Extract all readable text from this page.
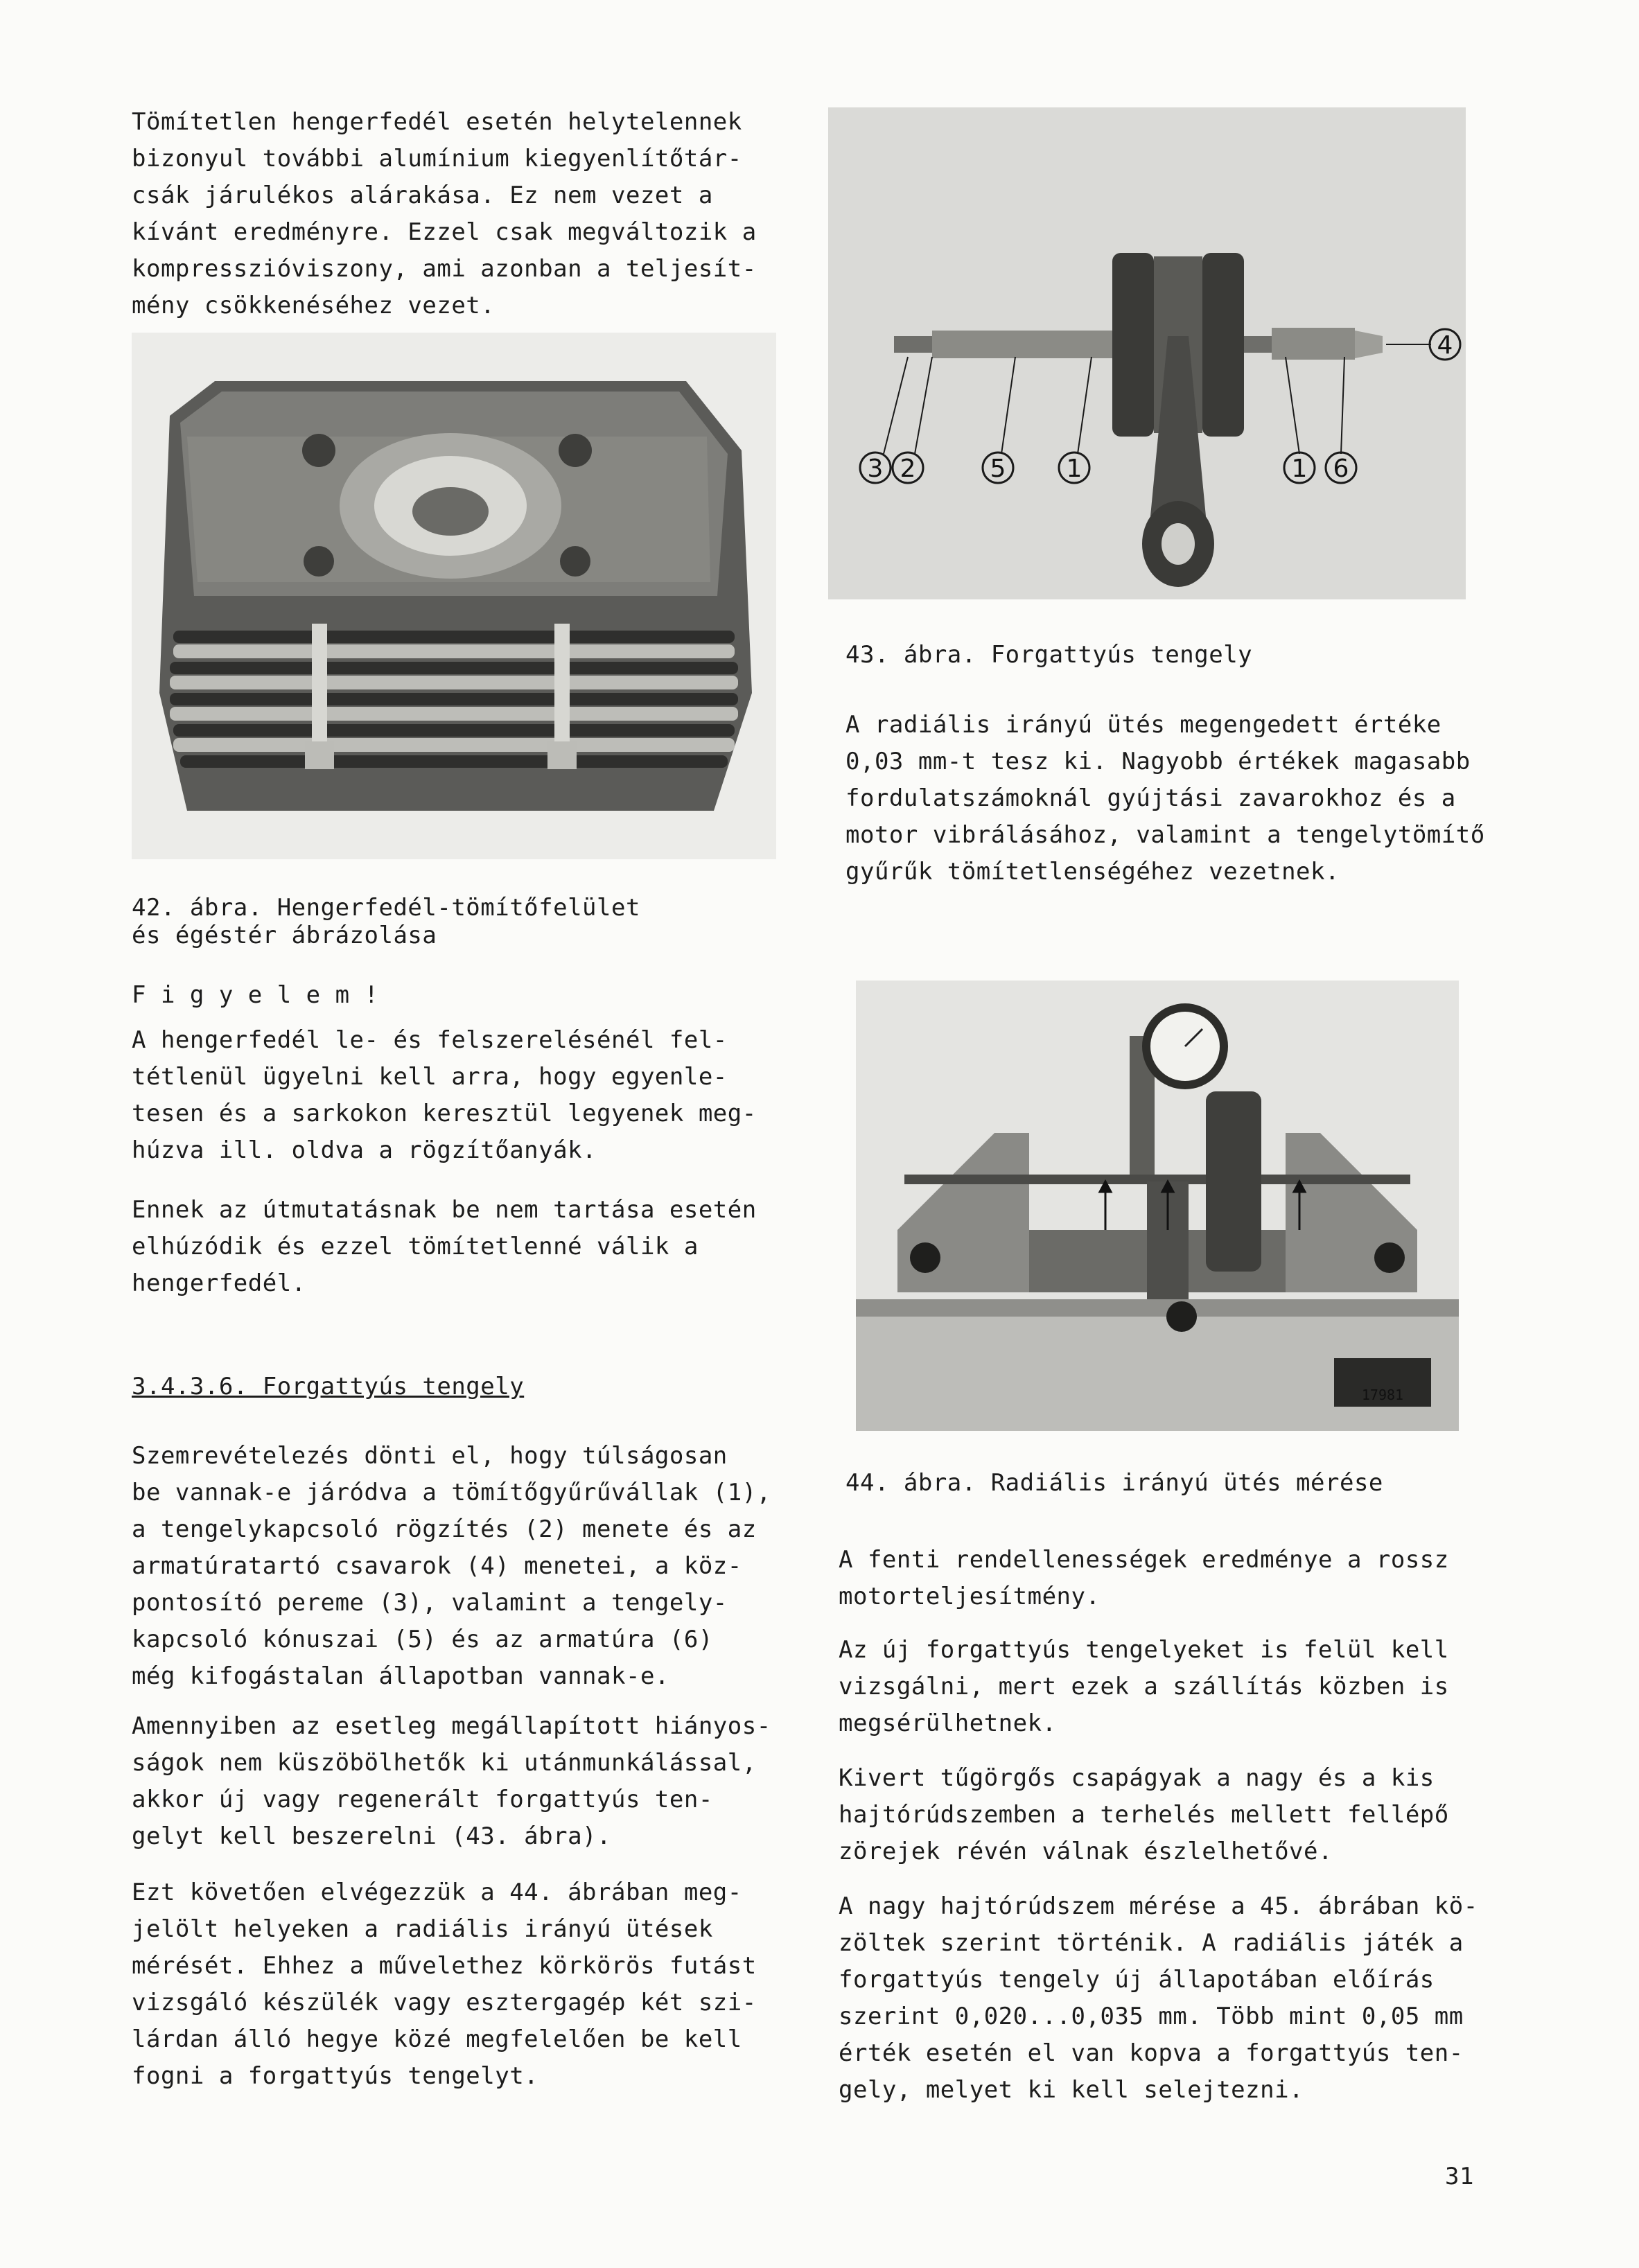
Tömítetlen hengerfedél esetén helytelennek
bizonyul további alumínium kiegyenlítőtár-
csák járulékos alárakása. Ez nem vezet a
kívánt eredményre. Ezzel csak megváltozik a
kompresszióviszony, ami azonban a teljesít-
mény csökkenéséhez vezet.

42. ábra. Hengerfedél-tömítőfelület
és égéstér ábrázolása

F i g y e l e m !

A hengerfedél le- és felszerelésénél fel-
tétlenül ügyelni kell arra, hogy egyenle-
tesen és a sarkokon keresztül legyenek meg-
húzva ill. oldva a rögzítőanyák.

Ennek az útmutatásnak be nem tartása esetén
elhúzódik és ezzel tömítetlenné válik a
hengerfedél.

3.4.3.6. Forgattyús tengely

Szemrevételezés dönti el, hogy túlságosan
be vannak-e járódva a tömítőgyűrűvállak (1),
a tengelykapcsoló rögzítés (2) menete és az
armatúratartó csavarok (4) menetei, a köz-
pontosító pereme (3), valamint a tengely-
kapcsoló kónuszai (5) és az armatúra (6)
még kifogástalan állapotban vannak-e.

Amennyiben az esetleg megállapított hiányos-
ságok nem küszöbölhetők ki utánmunkálással,
akkor új vagy regenerált forgattyús ten-
gelyt kell beszerelni (43. ábra).

Ezt követően elvégezzük a 44. ábrában meg-
jelölt helyeken a radiális irányú ütések
mérését. Ehhez a művelethez körkörös futást
vizsgáló készülék vagy esztergagép két szi-
lárdan álló hegye közé megfelelően be kell
fogni a forgattyús tengelyt.

3 2	5 1	1 6
4

43. ábra. Forgattyús tengely

A radiális irányú ütés megengedett értéke
0,03 mm-t tesz ki. Nagyobb értékek magasabb
fordulatszámoknál gyújtási zavarokhoz és a
motor vibrálásához, valamint a tengelytömítő
gyűrűk tömítetlenségéhez vezetnek.

17981

44. ábra. Radiális irányú ütés mérése

A fenti rendellenességek eredménye a rossz
motorteljesítmény.

Az új forgattyús tengelyeket is felül kell
vizsgálni, mert ezek a szállítás közben is
megsérülhetnek.

Kivert tűgörgős csapágyak a nagy és a kis
hajtórúdszemben a terhelés mellett fellépő
zörejek révén válnak észlelhetővé.

A nagy hajtórúdszem mérése a 45. ábrában kö-
zöltek szerint történik. A radiális játék a
forgattyús tengely új állapotában előírás
szerint 0,020...0,035 mm. Több mint 0,05 mm
érték esetén el van kopva a forgattyús ten-
gely, melyet ki kell selejtezni.

31
